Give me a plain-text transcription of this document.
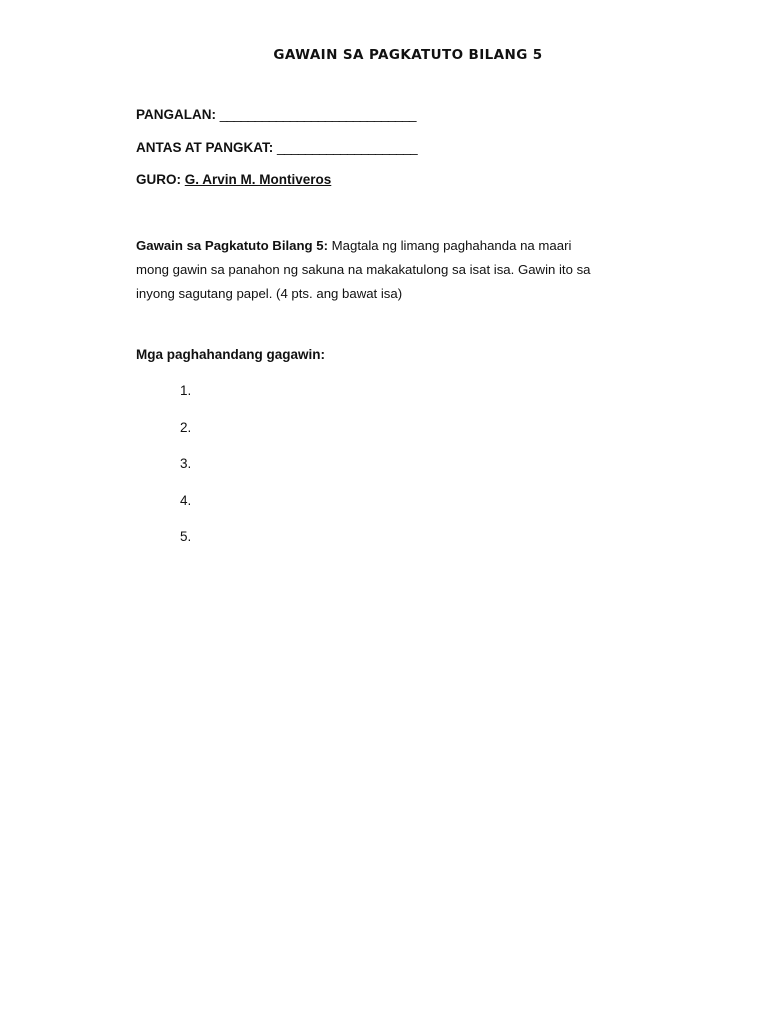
GAWAIN SA PAGKATUTO BILANG 5
PANGALAN: ____________________________
ANTAS AT PANGKAT: ____________________
GURO: G. Arvin M. Montiveros
Gawain sa Pagkatuto Bilang 5: Magtala ng limang paghahanda na maari mong gawin sa panahon ng sakuna na makakatulong sa isat isa. Gawin ito sa inyong sagutang papel. (4 pts. ang bawat isa)
Mga paghahandang gagawin:
1.
2.
3.
4.
5.
